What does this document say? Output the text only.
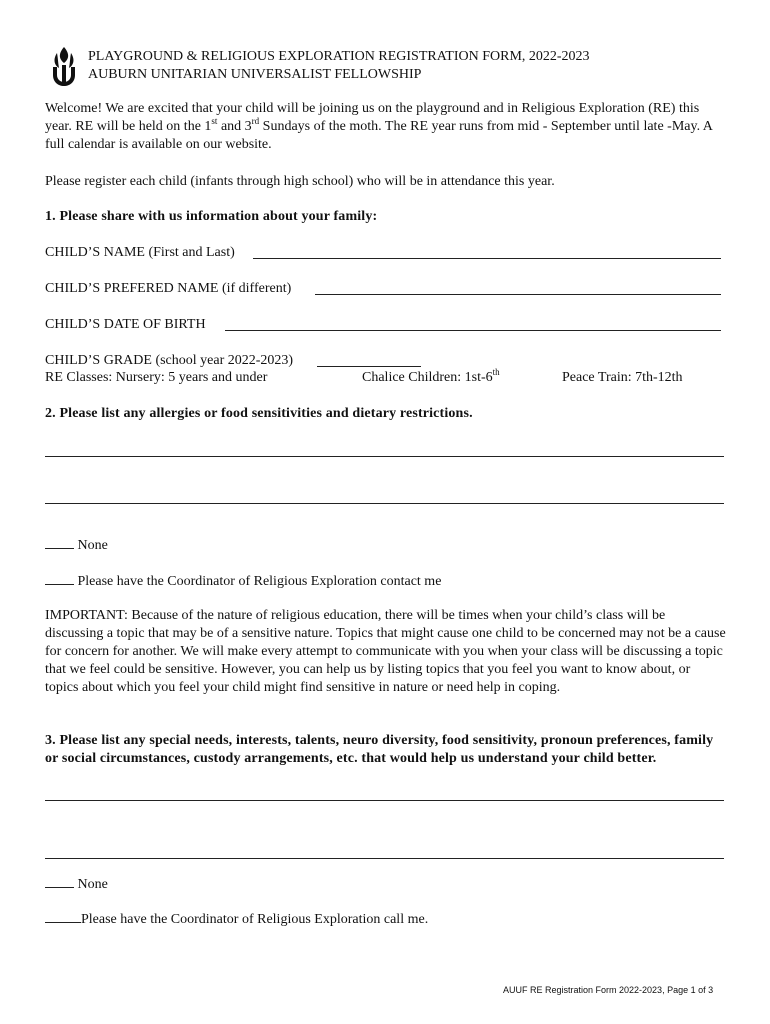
PLAYGROUND & RELIGIOUS EXPLORATION REGISTRATION FORM, 2022-2023
AUBURN UNITARIAN UNIVERSALIST FELLOWSHIP
Welcome! We are excited that your child will be joining us on the playground and in Religious Exploration (RE) this year. RE will be held on the 1st and 3rd Sundays of the moth. The RE year runs from mid - September until late -May. A full calendar is available on our website.
Please register each child (infants through high school) who will be in attendance this year.
1. Please share with us information about your family:
CHILD’S NAME (First and Last)
CHILD’S PREFERED NAME (if different)
CHILD’S DATE OF BIRTH
CHILD’S GRADE (school year 2022-2023)
RE Classes: Nursery: 5 years and under	Chalice Children: 1st-6th	Peace Train: 7th-12th
2. Please list any allergies or food sensitivities and dietary restrictions.
None
Please have the Coordinator of Religious Exploration contact me
IMPORTANT: Because of the nature of religious education, there will be times when your child’s class will be discussing a topic that may be of a sensitive nature. Topics that might cause one child to be concerned may not be a cause for concern for another. We will make every attempt to communicate with you when your class will be discussing a topic that we feel could be sensitive. However, you can help us by listing topics that you feel you want to know about, or topics about which you feel your child might find sensitive in nature or need help in coping.
3. Please list any special needs, interests, talents, neuro diversity, food sensitivity, pronoun preferences, family or social circumstances, custody arrangements, etc. that would help us understand your child better.
None
Please have the Coordinator of Religious Exploration call me.
AUUF RE Registration Form 2022-2023, Page 1 of 3
